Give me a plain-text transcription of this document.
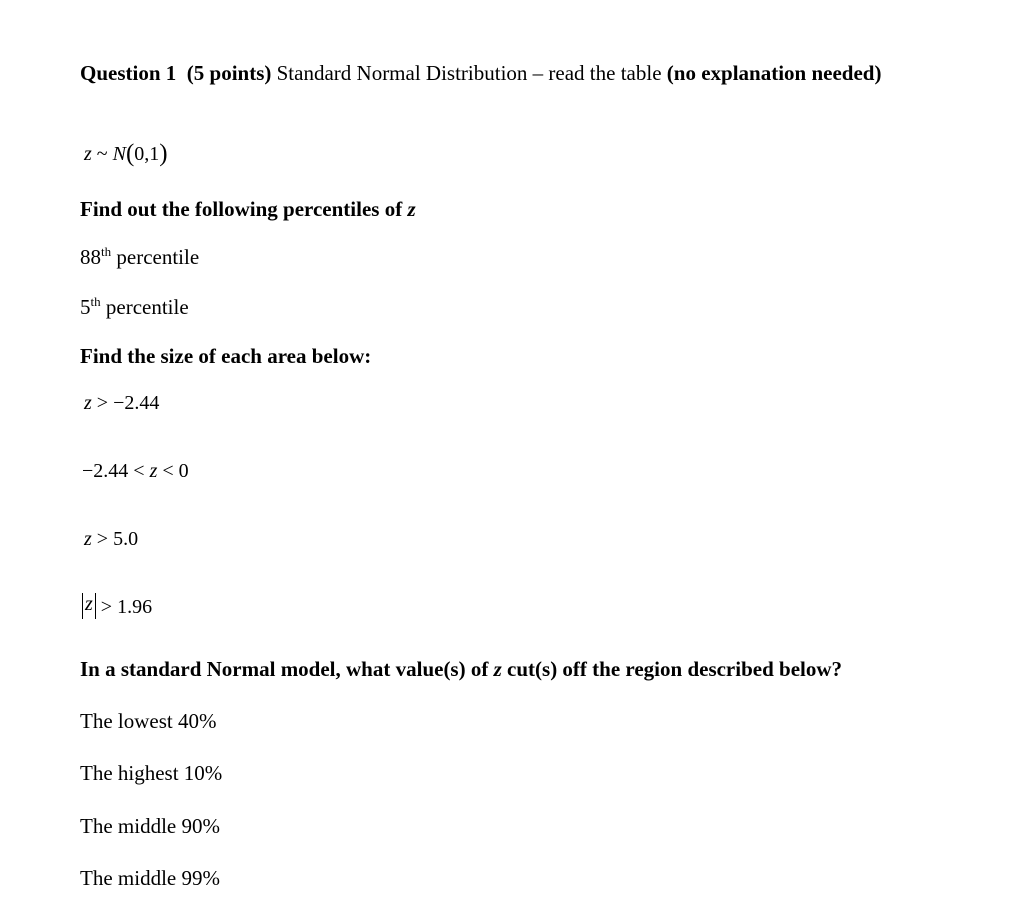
Question 1 (5 points) Standard Normal Distribution – read the table (no explanation needed)
z ~ N(0,1)
Find out the following percentiles of z
88th percentile
5th percentile
Find the size of each area below:
z > −2.44
−2.44 < z < 0
z > 5.0
z > 1.96
In a standard Normal model, what value(s) of z cut(s) off the region described below?
The lowest 40%
The highest 10%
The middle 90%
The middle 99%
